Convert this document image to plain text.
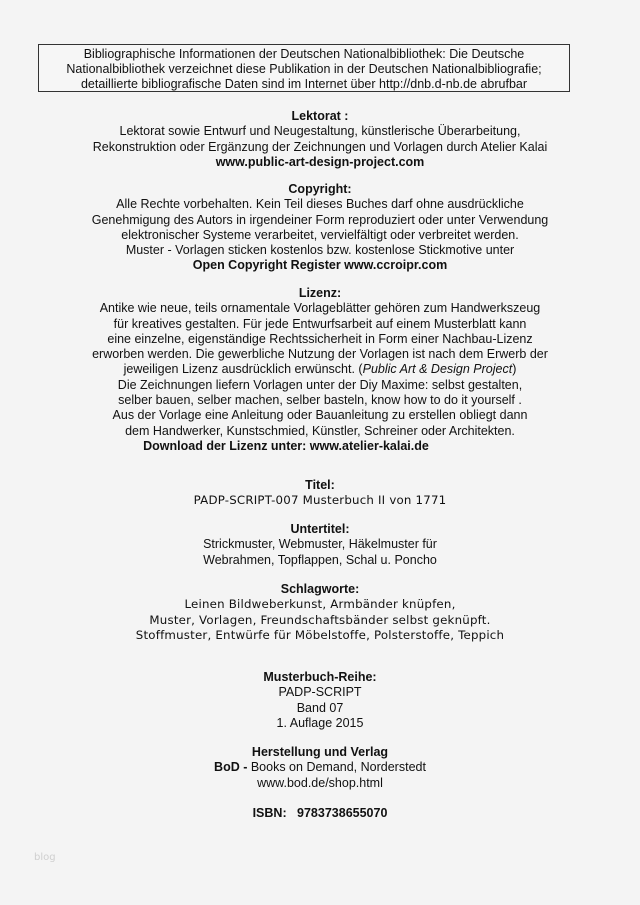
Bibliographische Informationen der Deutschen Nationalbibliothek: Die Deutsche
Nationalbibliothek verzeichnet diese Publikation in der Deutschen Nationalbibliografie;
detaillierte bibliografische Daten sind im Internet über http://dnb.d-nb.de abrufbar
Lektorat :
Lektorat sowie Entwurf und Neugestaltung, künstlerische Überarbeitung,
Rekonstruktion oder Ergänzung der Zeichnungen und Vorlagen durch Atelier Kalai
www.public-art-design-project.com
Copyright:
Alle Rechte vorbehalten. Kein Teil dieses Buches darf ohne ausdrückliche
Genehmigung des Autors in irgendeiner Form reproduziert oder unter Verwendung
elektronischer Systeme verarbeitet, vervielfältigt oder verbreitet werden.
Muster - Vorlagen sticken kostenlos bzw. kostenlose Stickmotive unter
Open Copyright Register www.ccroipr.com
Lizenz:
Antike wie neue, teils ornamentale Vorlageblätter gehören zum Handwerkszeug
für kreatives gestalten. Für jede Entwurfsarbeit auf einem Musterblatt kann
eine einzelne, eigenständige Rechtssicherheit in Form einer Nachbau-Lizenz
erworben werden. Die gewerbliche Nutzung der Vorlagen ist nach dem Erwerb der
jeweiligen Lizenz ausdrücklich erwünscht. (Public Art & Design Project)
Die Zeichnungen liefern Vorlagen unter der Diy Maxime: selbst gestalten,
selber bauen, selber machen, selber basteln, know how to do it yourself .
Aus der Vorlage eine Anleitung oder Bauanleitung zu erstellen obliegt dann
dem Handwerker, Kunstschmied, Künstler, Schreiner oder Architekten.
Download der Lizenz unter: www.atelier-kalai.de
Titel:
PADP-SCRIPT-007 Musterbuch II von 1771
Untertitel:
Strickmuster, Webmuster, Häkelmuster für
Webrahmen, Topflappen, Schal u. Poncho
Schlagworte:
Leinen Bildweberkunst, Armbänder knüpfen,
Muster, Vorlagen, Freundschaftsbänder selbst geknüpft.
Stoffmuster, Entwürfe für Möbelstoffe, Polsterstoffe, Teppich
Musterbuch-Reihe:
PADP-SCRIPT
Band 07
1. Auflage 2015
Herstellung und Verlag
BoD - Books on Demand, Norderstedt
www.bod.de/shop.html
ISBN: 9783738655070
blog
